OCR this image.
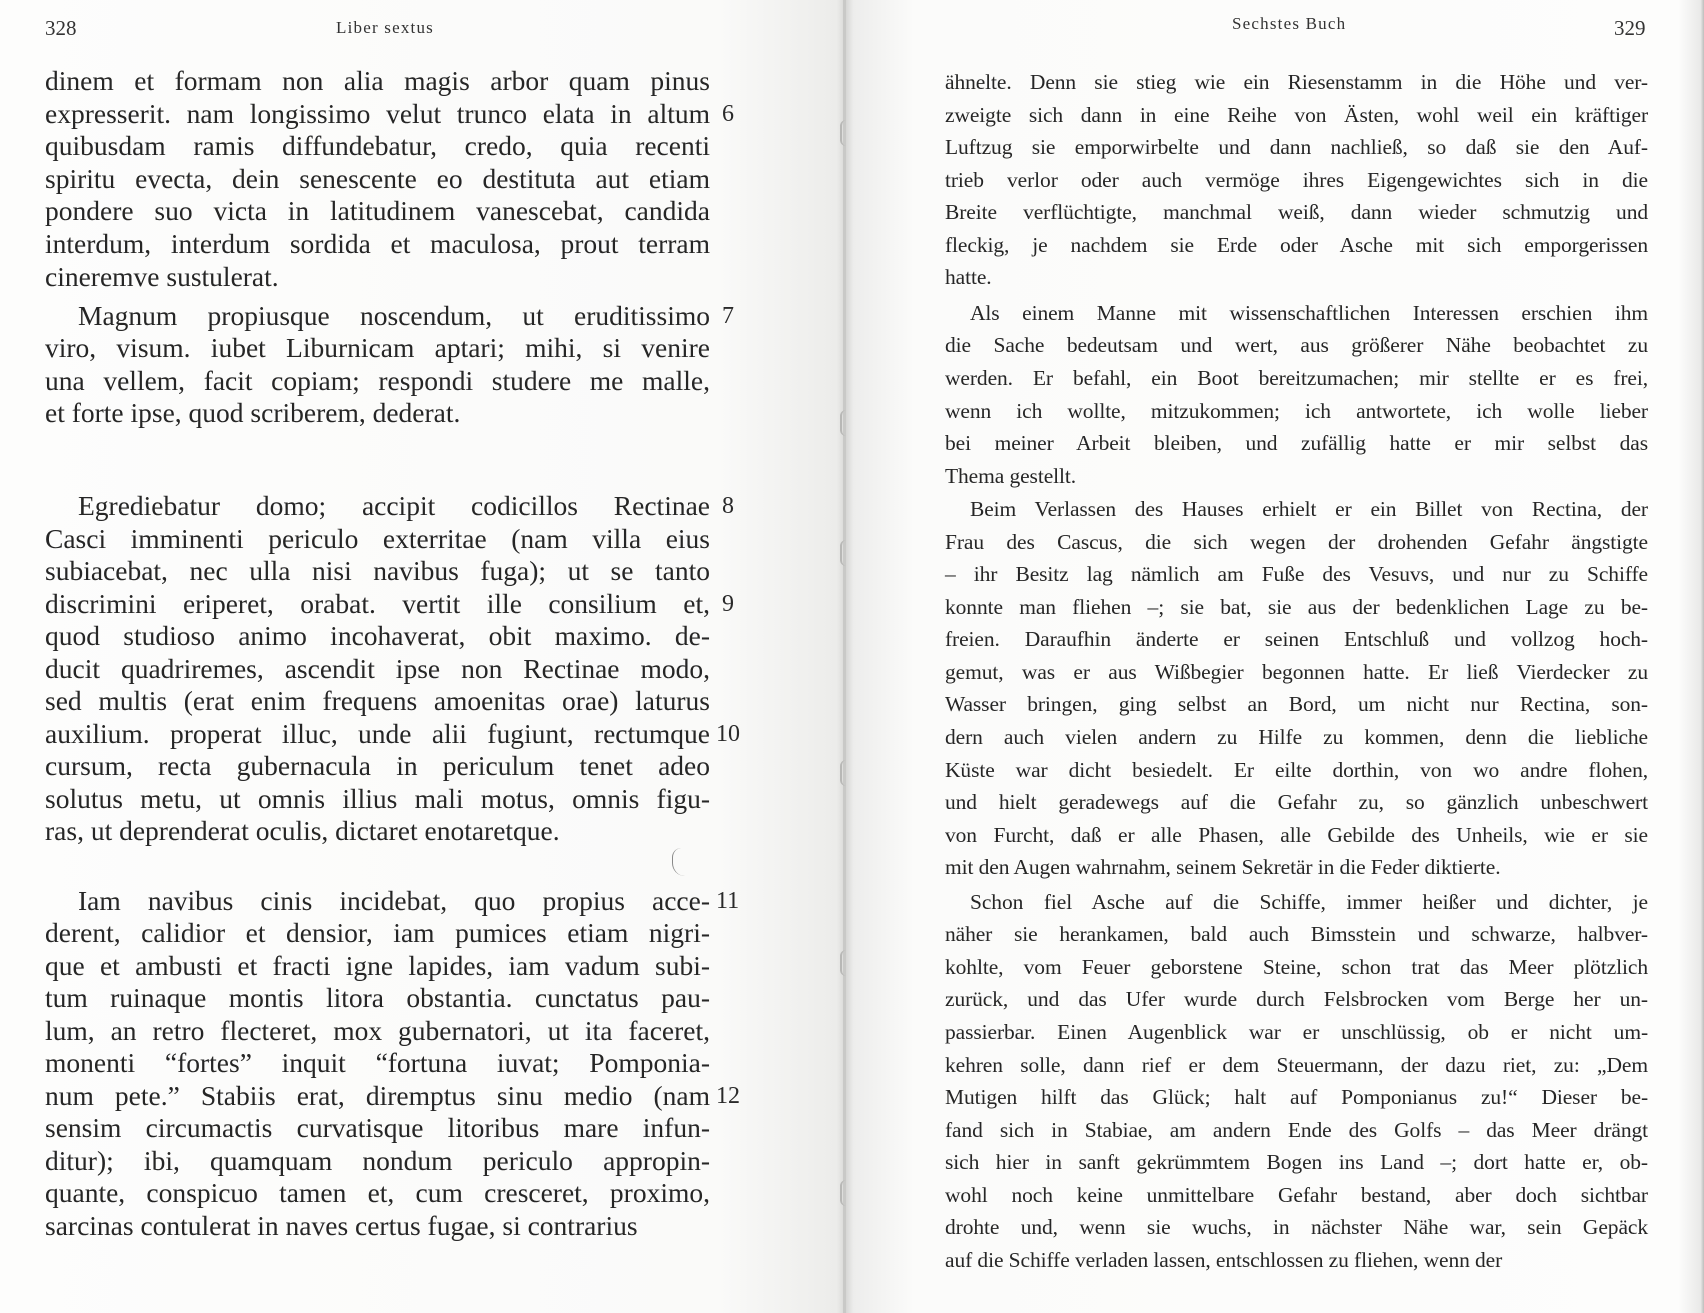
328	Liber sextus	Sechstes Buch	329
dinem et formam non alia magis arbor quam pinus
expresserit. nam longissimo velut trunco elata in altum
quibusdam ramis diffundebatur, credo, quia recenti
spiritu evecta, dein senescente eo destituta aut etiam
pondere suo victa in latitudinem vanescebat, candida
interdum, interdum sordida et maculosa, prout terram
cineremve sustulerat.
Magnum propiusque noscendum, ut eruditissimo
viro, visum. iubet Liburnicam aptari; mihi, si venire
una vellem, facit copiam; respondi studere me malle,
et forte ipse, quod scriberem, dederat.
Egrediebatur domo; accipit codicillos Rectinae
Casci imminenti periculo exterritae (nam villa eius
subiacebat, nec ulla nisi navibus fuga); ut se tanto
discrimini eriperet, orabat. vertit ille consilium et,
quod studioso animo incohaverat, obit maximo. de-
ducit quadriremes, ascendit ipse non Rectinae modo,
sed multis (erat enim frequens amoenitas orae) laturus
auxilium. properat illuc, unde alii fugiunt, rectumque
cursum, recta gubernacula in periculum tenet adeo
solutus metu, ut omnis illius mali motus, omnis figu-
ras, ut deprenderat oculis, dictaret enotaretque.
Iam navibus cinis incidebat, quo propius acce-
derent, calidior et densior, iam pumices etiam nigri-
que et ambusti et fracti igne lapides, iam vadum subi-
tum ruinaque montis litora obstantia. cunctatus pau-
lum, an retro flecteret, mox gubernatori, ut ita faceret,
monenti “fortes” inquit “fortuna iuvat; Pomponia-
num pete.” Stabiis erat, diremptus sinu medio (nam
sensim circumactis curvatisque litoribus mare infun-
ditur); ibi, quamquam nondum periculo appropin-
quante, conspicuo tamen et, cum cresceret, proximo,
sarcinas contulerat in naves certus fugae, si contrarius
6
7
8
9
10
11
12
ähnelte. Denn sie stieg wie ein Riesenstamm in die Höhe und ver-
zweigte sich dann in eine Reihe von Ästen, wohl weil ein kräftiger
Luftzug sie emporwirbelte und dann nachließ, so daß sie den Auf-
trieb verlor oder auch vermöge ihres Eigengewichtes sich in die
Breite verflüchtigte, manchmal weiß, dann wieder schmutzig und
fleckig, je nachdem sie Erde oder Asche mit sich emporgerissen
hatte.
Als einem Manne mit wissenschaftlichen Interessen erschien ihm
die Sache bedeutsam und wert, aus größerer Nähe beobachtet zu
werden. Er befahl, ein Boot bereitzumachen; mir stellte er es frei,
wenn ich wollte, mitzukommen; ich antwortete, ich wolle lieber
bei meiner Arbeit bleiben, und zufällig hatte er mir selbst das
Thema gestellt.
Beim Verlassen des Hauses erhielt er ein Billet von Rectina, der
Frau des Cascus, die sich wegen der drohenden Gefahr ängstigte
– ihr Besitz lag nämlich am Fuße des Vesuvs, und nur zu Schiffe
konnte man fliehen –; sie bat, sie aus der bedenklichen Lage zu be-
freien. Daraufhin änderte er seinen Entschluß und vollzog hoch-
gemut, was er aus Wißbegier begonnen hatte. Er ließ Vierdecker zu
Wasser bringen, ging selbst an Bord, um nicht nur Rectina, son-
dern auch vielen andern zu Hilfe zu kommen, denn die liebliche
Küste war dicht besiedelt. Er eilte dorthin, von wo andre flohen,
und hielt geradewegs auf die Gefahr zu, so gänzlich unbeschwert
von Furcht, daß er alle Phasen, alle Gebilde des Unheils, wie er sie
mit den Augen wahrnahm, seinem Sekretär in die Feder diktierte.
Schon fiel Asche auf die Schiffe, immer heißer und dichter, je
näher sie herankamen, bald auch Bimsstein und schwarze, halbver-
kohlte, vom Feuer geborstene Steine, schon trat das Meer plötzlich
zurück, und das Ufer wurde durch Felsbrocken vom Berge her un-
passierbar. Einen Augenblick war er unschlüssig, ob er nicht um-
kehren solle, dann rief er dem Steuermann, der dazu riet, zu: „Dem
Mutigen hilft das Glück; halt auf Pomponianus zu!“ Dieser be-
fand sich in Stabiae, am andern Ende des Golfs – das Meer drängt
sich hier in sanft gekrümmtem Bogen ins Land –; dort hatte er, ob-
wohl noch keine unmittelbare Gefahr bestand, aber doch sichtbar
drohte und, wenn sie wuchs, in nächster Nähe war, sein Gepäck
auf die Schiffe verladen lassen, entschlossen zu fliehen, wenn der
